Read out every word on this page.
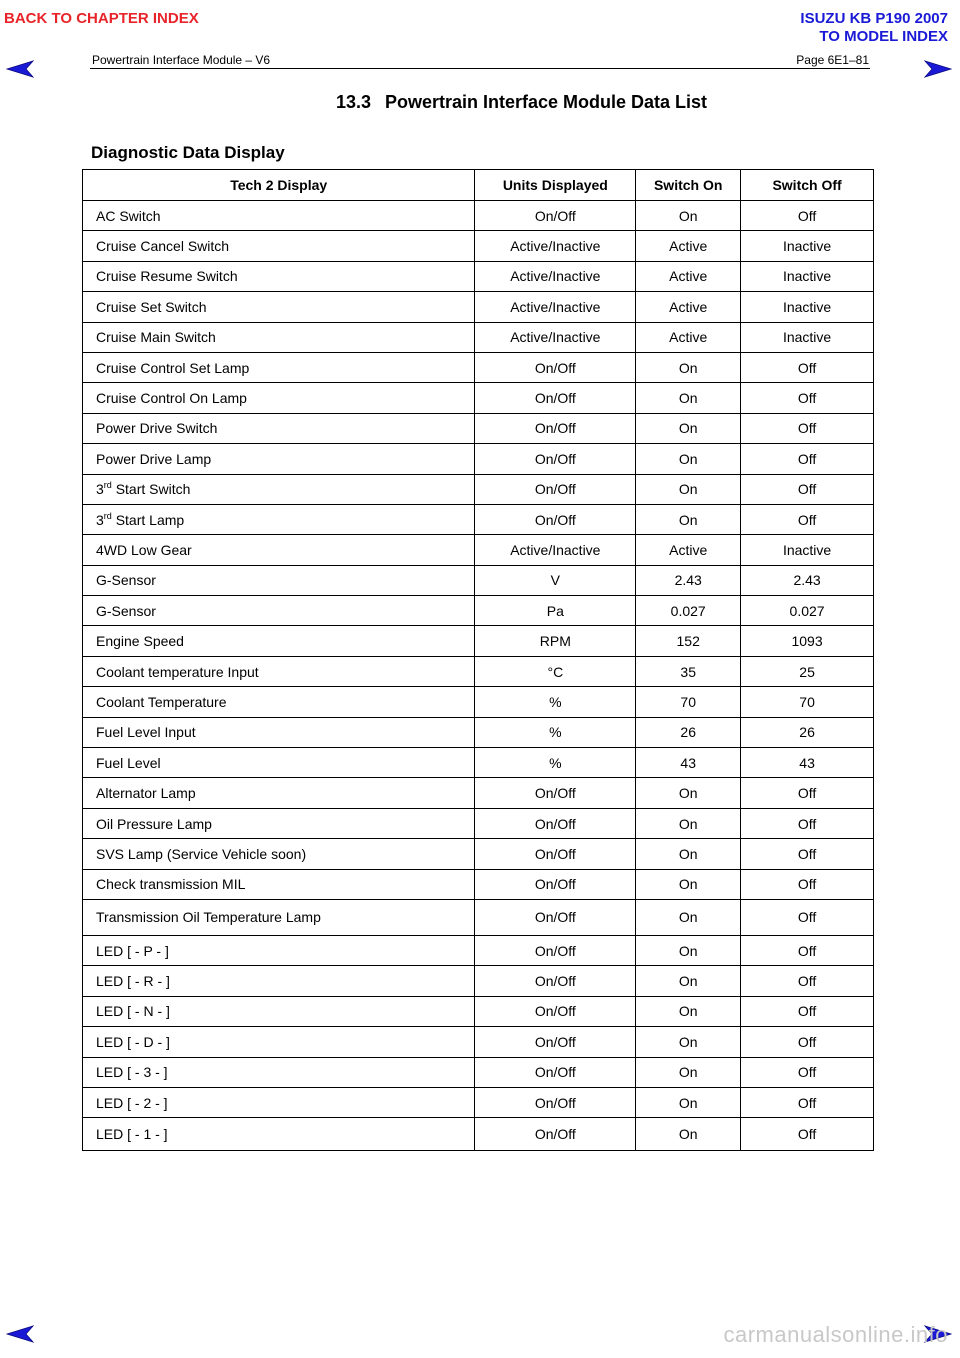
BACK TO CHAPTER INDEX	ISUZU KB P190 2007
TO MODEL INDEX
Powertrain Interface Module – V6	Page 6E1–81
13.3 Powertrain Interface Module Data List
Diagnostic Data Display
Tech 2 Display	Units Displayed	Switch On	Switch Off
AC Switch	On/Off	On	Off
Cruise Cancel Switch	Active/Inactive	Active	Inactive
Cruise Resume Switch	Active/Inactive	Active	Inactive
Cruise Set Switch	Active/Inactive	Active	Inactive
Cruise Main Switch	Active/Inactive	Active	Inactive
Cruise Control Set Lamp	On/Off	On	Off
Cruise Control On Lamp	On/Off	On	Off
Power Drive Switch	On/Off	On	Off
Power Drive Lamp	On/Off	On	Off
3rd Start Switch	On/Off	On	Off
3rd Start Lamp	On/Off	On	Off
4WD Low Gear	Active/Inactive	Active	Inactive
G-Sensor	V	2.43	2.43
G-Sensor	Pa	0.027	0.027
Engine Speed	RPM	152	1093
Coolant temperature Input	°C	35	25
Coolant Temperature	%	70	70
Fuel Level Input	%	26	26
Fuel Level	%	43	43
Alternator Lamp	On/Off	On	Off
Oil Pressure Lamp	On/Off	On	Off
SVS Lamp (Service Vehicle soon)	On/Off	On	Off
Check transmission MIL	On/Off	On	Off
Transmission Oil Temperature Lamp	On/Off	On	Off
LED [ - P - ]	On/Off	On	Off
LED [ - R - ]	On/Off	On	Off
LED [ - N - ]	On/Off	On	Off
LED [ - D - ]	On/Off	On	Off
LED [ - 3 - ]	On/Off	On	Off
LED [ - 2 - ]	On/Off	On	Off
LED [ - 1 - ]	On/Off	On	Off
carmanualsonline.info
